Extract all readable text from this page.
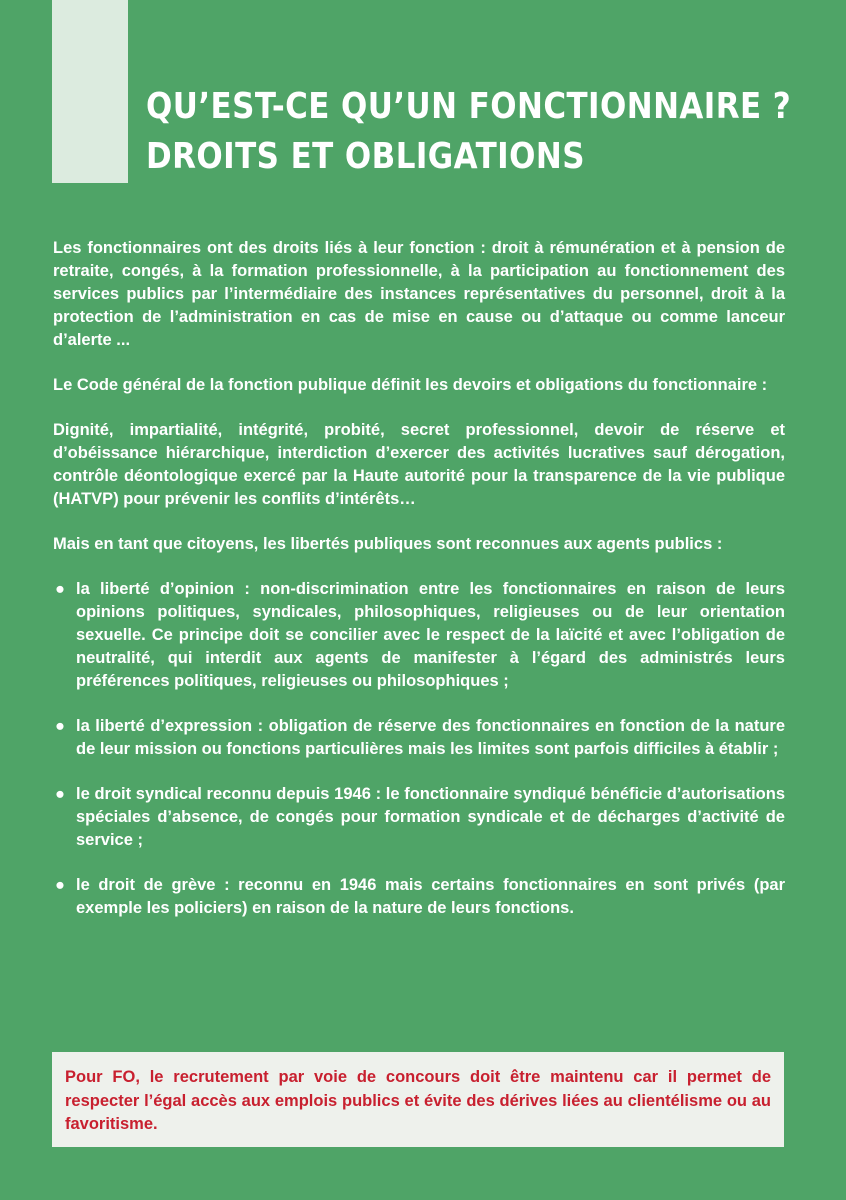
QU’EST-CE QU’UN FONCTIONNAIRE ?
DROITS ET OBLIGATIONS

Les fonctionnaires ont des droits liés à leur fonction : droit à rémunération et à pension de retraite, congés, à la formation professionnelle, à la participation au fonctionnement des services publics par l’intermédiaire des instances représentatives du personnel, droit à la protection de l’administration en cas de mise en cause ou d’attaque ou comme lanceur d’alerte ...

Le Code général de la fonction publique définit les devoirs et obligations du fonctionnaire :

Dignité, impartialité, intégrité, probité, secret professionnel, devoir de réserve et d’obéissance hiérarchique, interdiction d’exercer des activités lucratives sauf dérogation, contrôle déontologique exercé par la Haute autorité pour la transparence de la vie publique (HATVP) pour prévenir les conflits d’intérêts…

Mais en tant que citoyens, les libertés publiques sont reconnues aux agents publics :

● la liberté d’opinion : non-discrimination entre les fonctionnaires en raison de leurs opinions politiques, syndicales, philosophiques, religieuses ou de leur orientation sexuelle. Ce principe doit se concilier avec le respect de la laïcité et avec l’obligation de neutralité, qui interdit aux agents de manifester à l’égard des administrés leurs préférences politiques, religieuses ou philosophiques ;
● la liberté d’expression : obligation de réserve des fonctionnaires en fonction de la nature de leur mission ou fonctions particulières mais les limites sont parfois difficiles à établir ;
● le droit syndical reconnu depuis 1946 : le fonctionnaire syndiqué bénéficie d’autorisations spéciales d’absence, de congés pour formation syndicale et de décharges d’activité de service ;
● le droit de grève : reconnu en 1946 mais certains fonctionnaires en sont privés (par exemple les policiers) en raison de la nature de leurs fonctions.
Pour FO, le recrutement par voie de concours doit être maintenu car il permet de respecter l’égal accès aux emplois publics et évite des dérives liées au clientélisme ou au favoritisme.
